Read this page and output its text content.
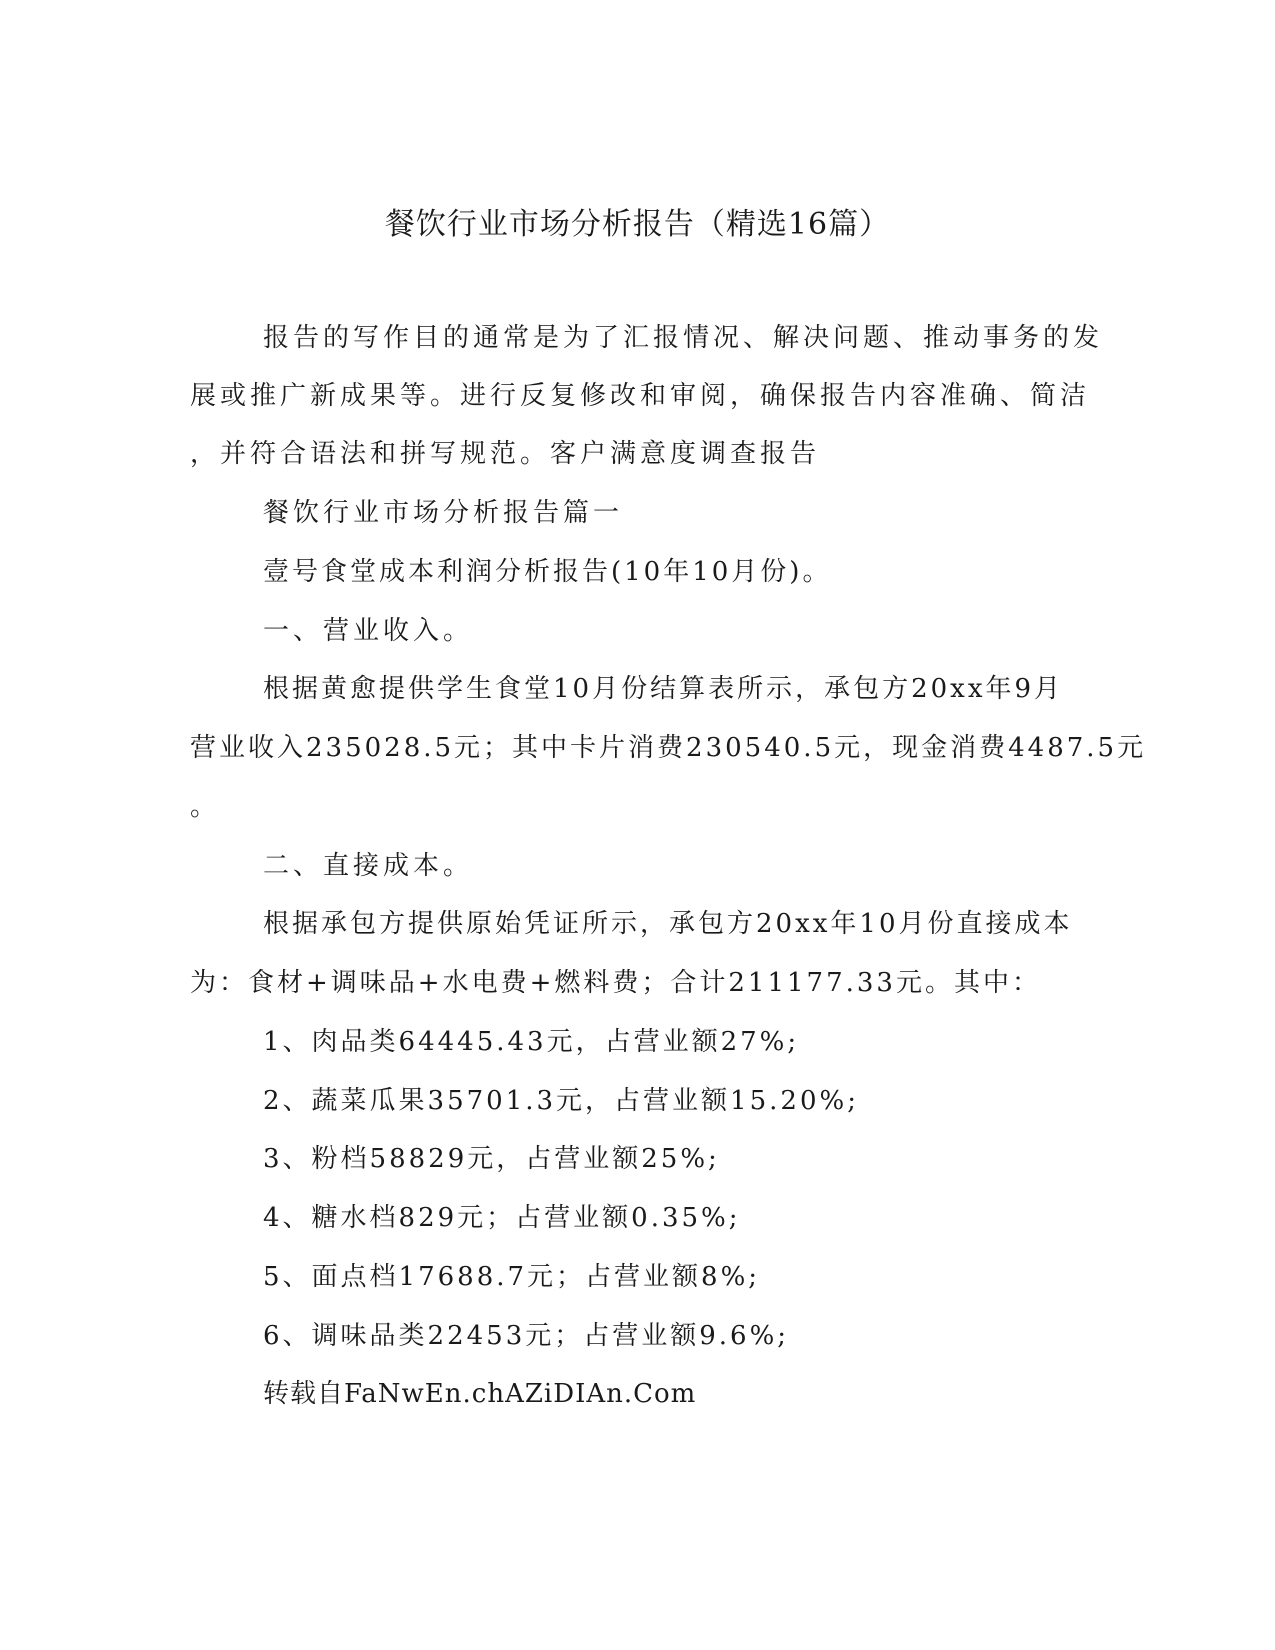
餐饮行业市场分析报告（精选16篇）
报告的写作目的通常是为了汇报情况、解决问题、推动事务的发
展或推广新成果等。进行反复修改和审阅，确保报告内容准确、简洁
，并符合语法和拼写规范。客户满意度调查报告
餐饮行业市场分析报告篇一
壹号食堂成本利润分析报告(10年10月份)。
一、营业收入。
根据黄愈提供学生食堂10月份结算表所示，承包方20xx年9月
营业收入235028.5元；其中卡片消费230540.5元，现金消费4487.5元
。
二、直接成本。
根据承包方提供原始凭证所示，承包方20xx年10月份直接成本
为：食材+调味品+水电费+燃料费；合计211177.33元。其中：
1、肉品类64445.43元，占营业额27%;
2、蔬菜瓜果35701.3元，占营业额15.20%;
3、粉档58829元，占营业额25%;
4、糖水档829元；占营业额0.35%;
5、面点档17688.7元；占营业额8%;
6、调味品类22453元；占营业额9.6%;
转载自FaNwEn.chAZiDIAn.Com
